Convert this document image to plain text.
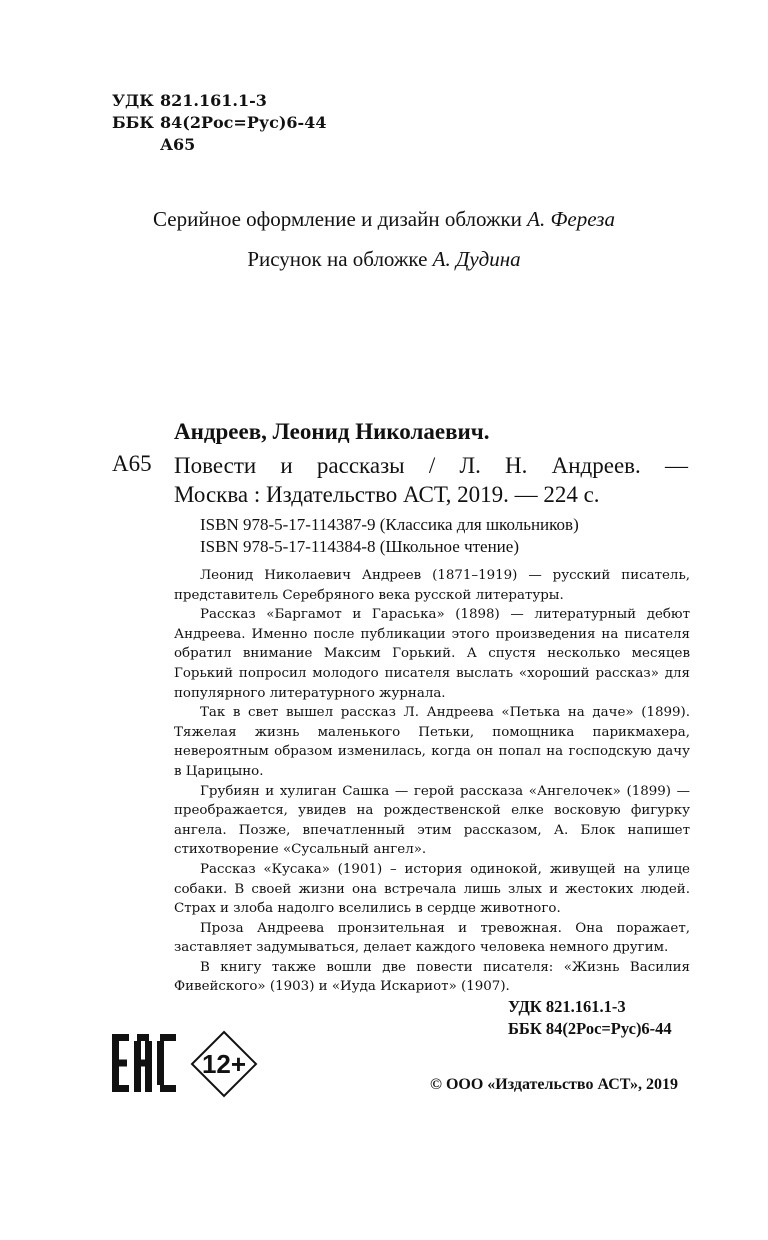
УДК 821.161.1-3
ББК 84(2Рос=Рус)6-44
А65
Серийное оформление и дизайн обложки А. Фереза
Рисунок на обложке А. Дудина
Андреев, Леонид Николаевич.
А65 Повести и рассказы / Л. Н. Андреев. —
Москва : Издательство АСТ, 2019. — 224 с.
ISBN 978-5-17-114387-9 (Классика для школьников)
ISBN 978-5-17-114384-8 (Школьное чтение)

Леонид Николаевич Андреев (1871–1919) — русский писатель, представитель Серебряного века русской литературы.

Рассказ «Баргамот и Гараська» (1898) — литературный дебют Андреева. Именно после публикации этого произведения на писателя обратил внимание Максим Горький. А спустя несколько месяцев Горький попросил молодого писателя выслать «хороший рассказ» для популярного литературного журнала.

Так в свет вышел рассказ Л. Андреева «Петька на даче» (1899). Тяжелая жизнь маленького Петьки, помощника парикмахера, невероятным образом изменилась, когда он попал на господскую дачу в Царицыно.

Грубиян и хулиган Сашка — герой рассказа «Ангелочек» (1899) — преображается, увидев на рождественской елке восковую фигурку ангела. Позже, впечатленный этим рассказом, А. Блок напишет стихотворение «Сусальный ангел».

Рассказ «Кусака» (1901) – история одинокой, живущей на улице собаки. В своей жизни она встречала лишь злых и жестоких людей. Страх и злоба надолго вселились в сердце животного.

Проза Андреева пронзительная и тревожная. Она поражает, заставляет задумываться, делает каждого человека немного другим.

В книгу также вошли две повести писателя: «Жизнь Василия Фивейского» (1903) и «Иуда Искариот» (1907).

УДК 821.161.1-3
ББК 84(2Рос=Рус)6-44
12+
© ООО «Издательство АСТ», 2019
